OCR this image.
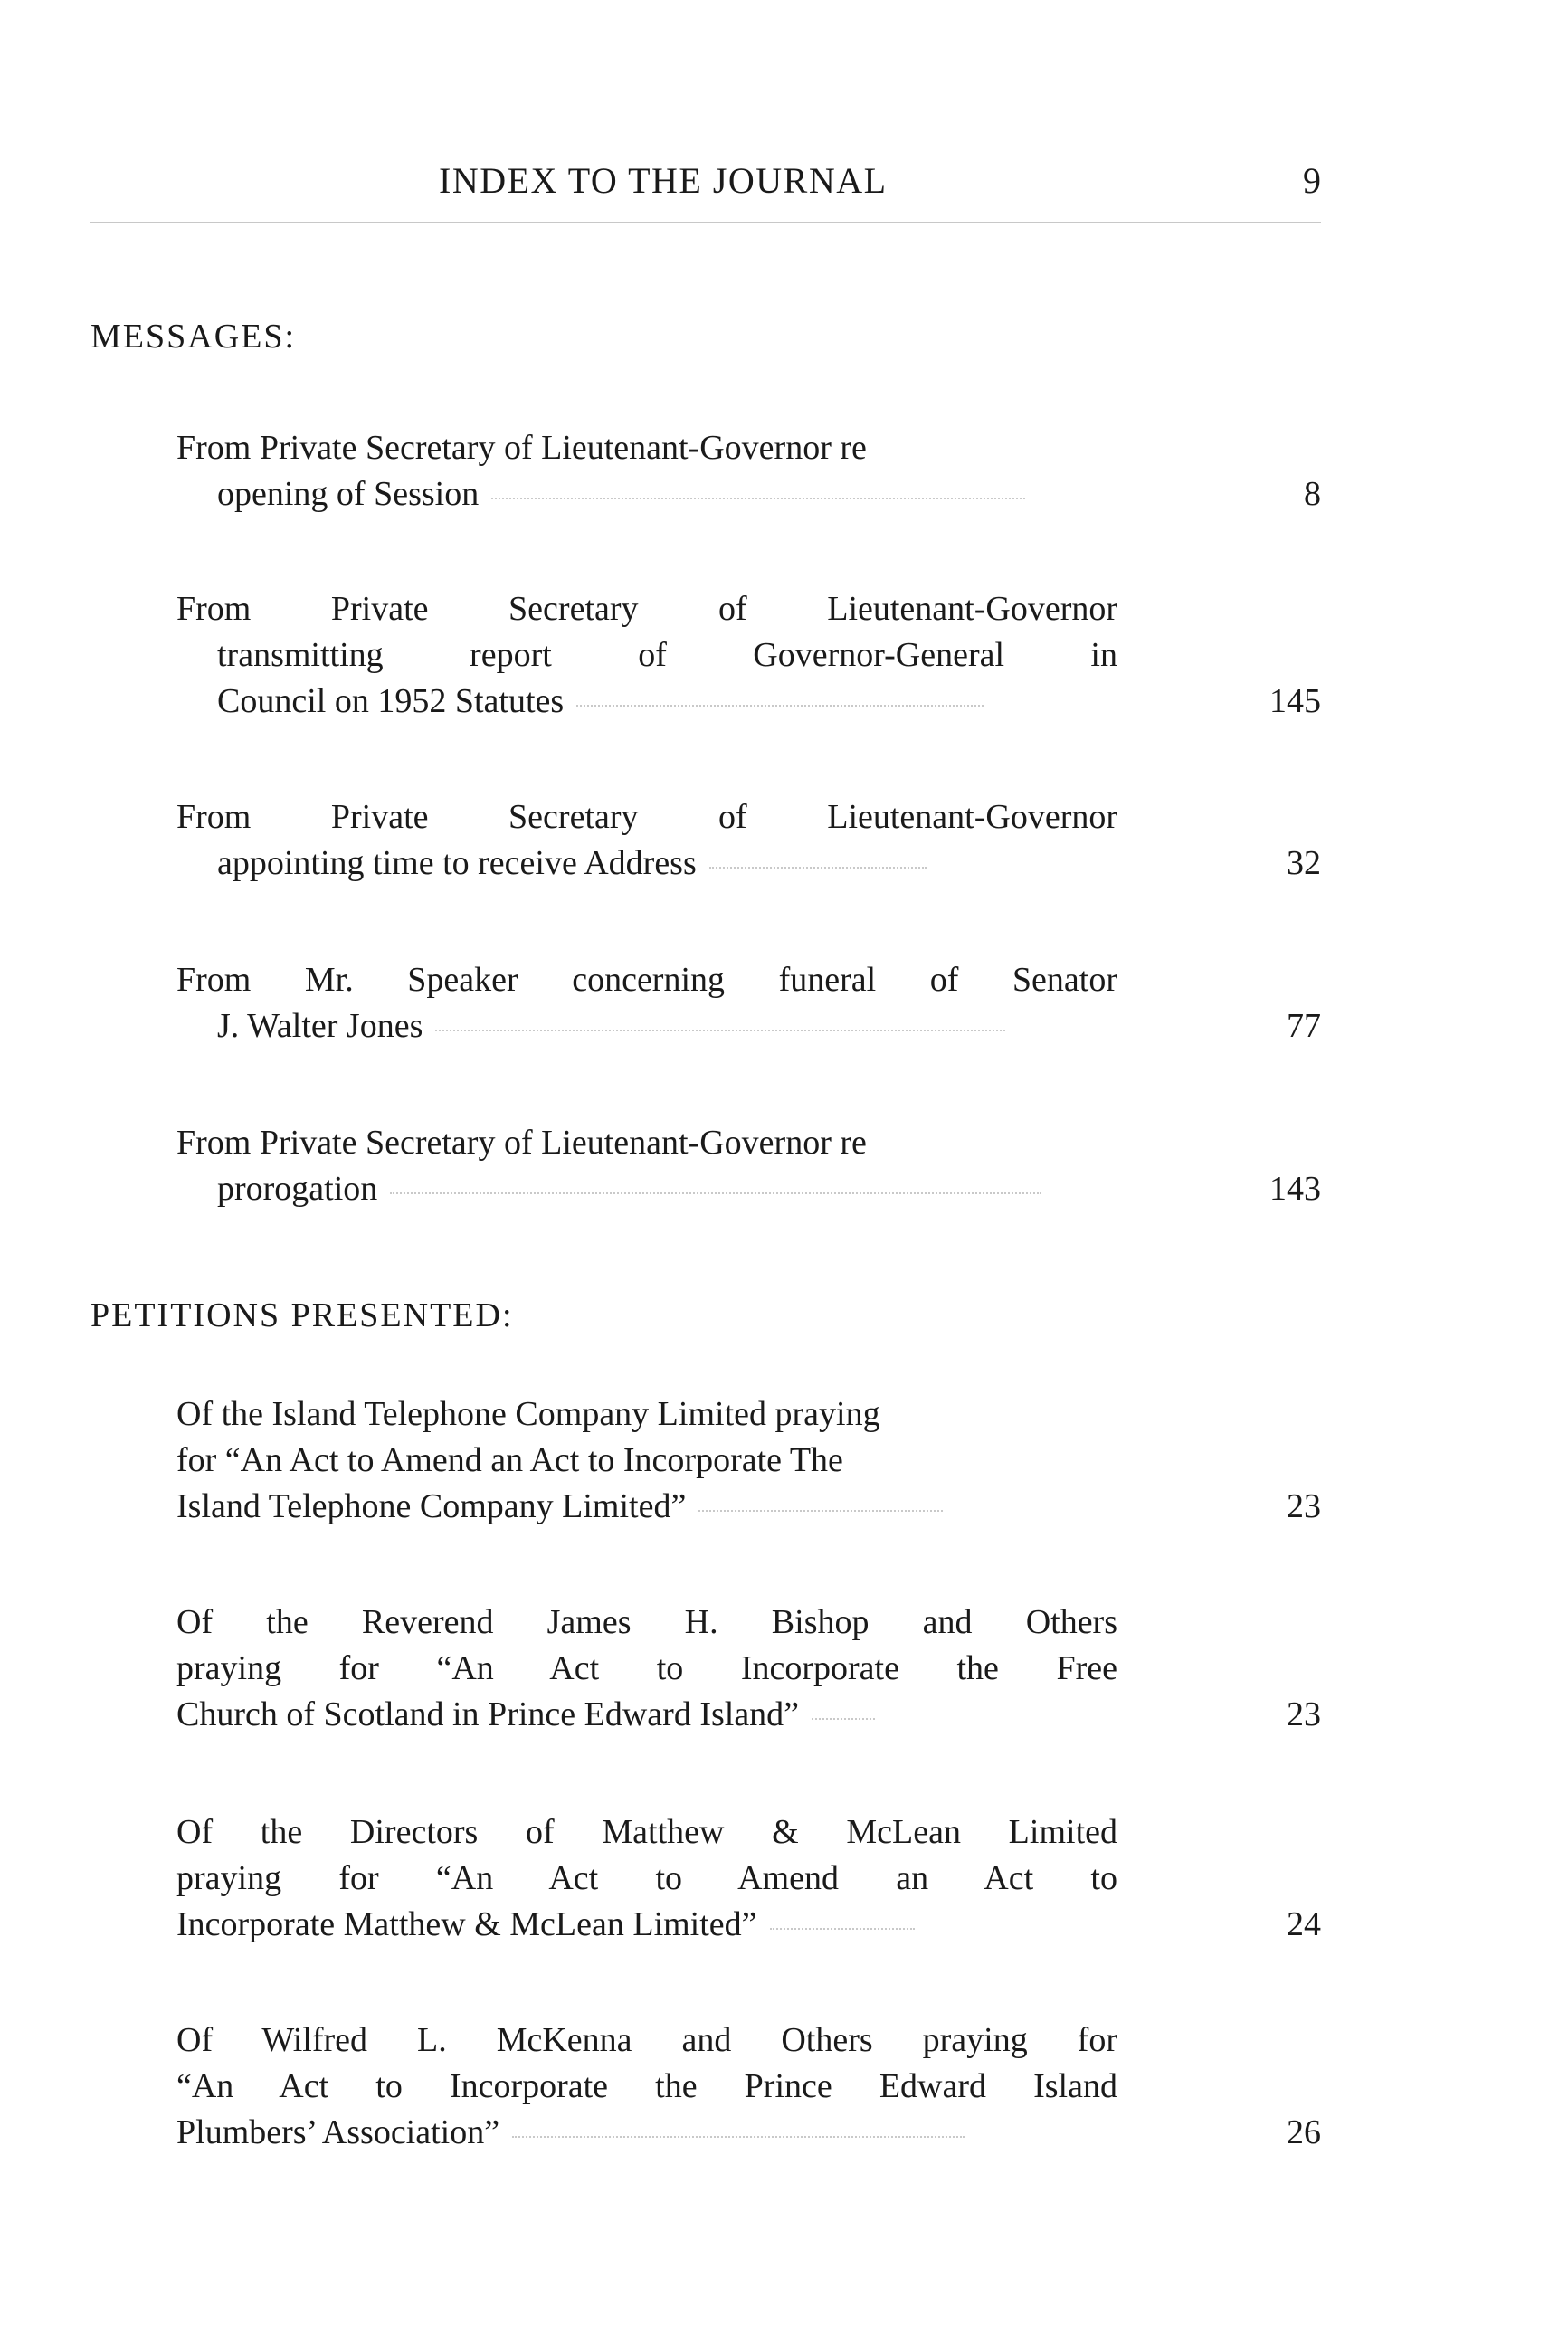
INDEX TO THE JOURNAL	9
MESSAGES:
From Private Secretary of Lieutenant-Governor re
opening of Session	8
From Private Secretary of Lieutenant-Governor
transmitting report of Governor-General in
Council on 1952 Statutes	145
From Private Secretary of Lieutenant-Governor
appointing time to receive Address	32
From Mr. Speaker concerning funeral of Senator
J. Walter Jones	77
From Private Secretary of Lieutenant-Governor re
prorogation	143
PETITIONS PRESENTED:
Of the Island Telephone Company Limited praying
for “An Act to Amend an Act to Incorporate The
Island Telephone Company Limited”	23
Of the Reverend James H. Bishop and Others
praying for “An Act to Incorporate the Free
Church of Scotland in Prince Edward Island”	23
Of the Directors of Matthew & McLean Limited
praying for “An Act to Amend an Act to
Incorporate Matthew & McLean Limited”	24
Of Wilfred L. McKenna and Others praying for
“An Act to Incorporate the Prince Edward Island
Plumbers’ Association”	26
